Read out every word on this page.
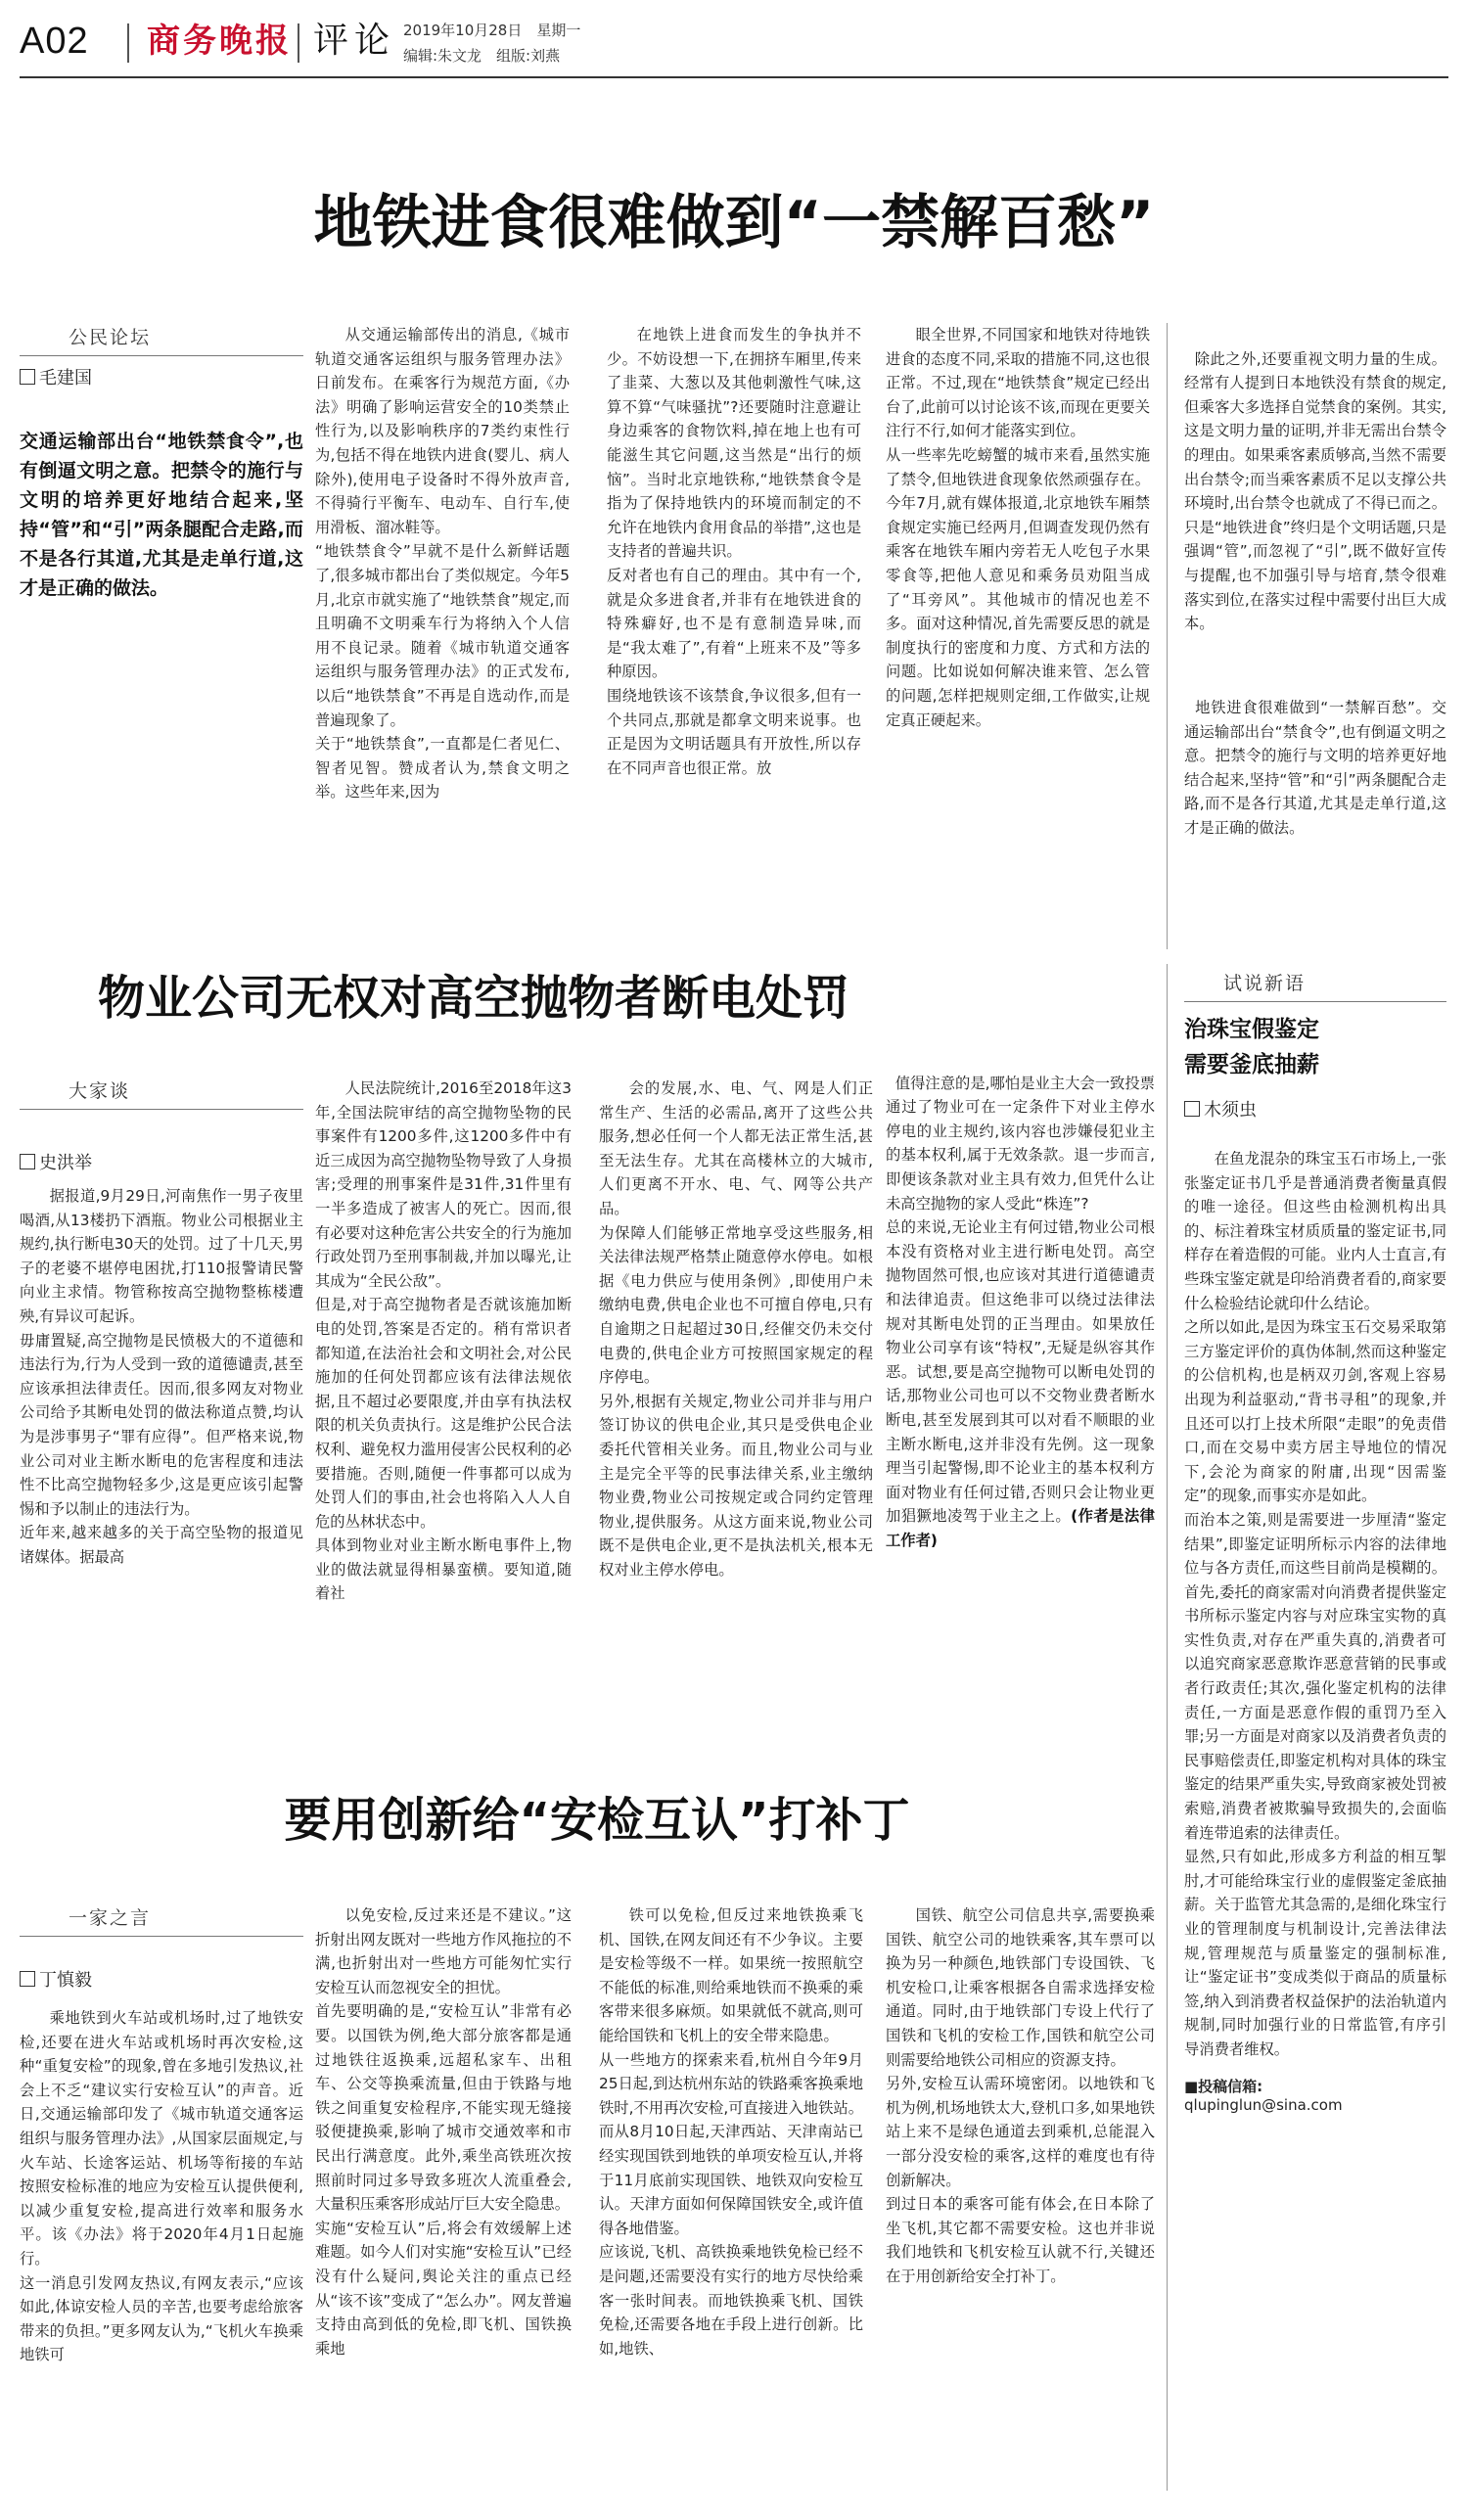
A02 商务晚报 评论 2019年10月28日　星期一
编辑:朱文龙　组版:刘燕
地铁进食很难做到“一禁解百愁”
公民论坛
毛建国
交通运输部出台“地铁禁食令”,也有倒逼文明之意。把禁令的施行与文明的培养更好地结合起来,坚持“管”和“引”两条腿配合走路,而不是各行其道,尤其是走单行道,这才是正确的做法。
从交通运输部传出的消息,《城市轨道交通客运组织与服务管理办法》日前发布。在乘客行为规范方面,《办法》明确了影响运营安全的10类禁止性行为,以及影响秩序的7类约束性行为,包括不得在地铁内进食(婴儿、病人除外),使用电子设备时不得外放声音,不得骑行平衡车、电动车、自行车,使用滑板、溜冰鞋等。
“地铁禁食令”早就不是什么新鲜话题了,很多城市都出台了类似规定。今年5月,北京市就实施了“地铁禁食”规定,而且明确不文明乘车行为将纳入个人信用不良记录。随着《城市轨道交通客运组织与服务管理办法》的正式发布,以后“地铁禁食”不再是自选动作,而是普遍现象了。
关于“地铁禁食”,一直都是仁者见仁、智者见智。赞成者认为,禁食文明之举。这些年来,因为
在地铁上进食而发生的争执并不少。不妨设想一下,在拥挤车厢里,传来了韭菜、大葱以及其他刺激性气味,这算不算“气味骚扰”?还要随时注意避让身边乘客的食物饮料,掉在地上也有可能滋生其它问题,这当然是“出行的烦恼”。当时北京地铁称,“地铁禁食令是指为了保持地铁内的环境而制定的不允许在地铁内食用食品的举措”,这也是支持者的普遍共识。
反对者也有自己的理由。其中有一个,就是众多进食者,并非有在地铁进食的特殊癖好,也不是有意制造异味,而是“我太难了”,有着“上班来不及”等多种原因。
围绕地铁该不该禁食,争议很多,但有一个共同点,那就是都拿文明来说事。也正是因为文明话题具有开放性,所以存在不同声音也很正常。放
眼全世界,不同国家和地铁对待地铁进食的态度不同,采取的措施不同,这也很正常。不过,现在“地铁禁食”规定已经出台了,此前可以讨论该不该,而现在更要关注行不行,如何才能落实到位。
从一些率先吃螃蟹的城市来看,虽然实施了禁令,但地铁进食现象依然顽强存在。今年7月,就有媒体报道,北京地铁车厢禁食规定实施已经两月,但调查发现仍然有乘客在地铁车厢内旁若无人吃包子水果零食等,把他人意见和乘务员劝阻当成了“耳旁风”。其他城市的情况也差不多。面对这种情况,首先需要反思的就是制度执行的密度和力度、方式和方法的问题。比如说如何解决谁来管、怎么管的问题,怎样把规则定细,工作做实,让规定真正硬起来。

除此之外,还要重视文明力量的生成。经常有人提到日本地铁没有禁食的规定,但乘客大多选择自觉禁食的案例。其实,这是文明力量的证明,并非无需出台禁令的理由。如果乘客素质够高,当然不需要出台禁令;而当乘客素质不足以支撑公共环境时,出台禁令也就成了不得已而之。只是“地铁进食”终归是个文明话题,只是强调“管”,而忽视了“引”,既不做好宣传与提醒,也不加强引导与培育,禁令很难落实到位,在落实过程中需要付出巨大成本。

地铁进食很难做到“一禁解百愁”。交通运输部出台“禁食令”,也有倒逼文明之意。把禁令的施行与文明的培养更好地结合起来,坚持“管”和“引”两条腿配合走路,而不是各行其道,尤其是走单行道,这才是正确的做法。

物业公司无权对高空抛物者断电处罚
大家谈
史洪举
据报道,9月29日,河南焦作一男子夜里喝酒,从13楼扔下酒瓶。物业公司根据业主规约,执行断电30天的处罚。过了十几天,男子的老婆不堪停电困扰,打110报警请民警向业主求情。物管称按高空抛物整栋楼遭殃,有异议可起诉。
毋庸置疑,高空抛物是民愤极大的不道德和违法行为,行为人受到一致的道德谴责,甚至应该承担法律责任。因而,很多网友对物业公司给予其断电处罚的做法称道点赞,均认为是涉事男子“罪有应得”。但严格来说,物业公司对业主断水断电的危害程度和违法性不比高空抛物轻多少,这是更应该引起警惕和予以制止的违法行为。
近年来,越来越多的关于高空坠物的报道见诸媒体。据最高
人民法院统计,2016至2018年这3年,全国法院审结的高空抛物坠物的民事案件有1200多件,这1200多件中有近三成因为高空抛物坠物导致了人身损害;受理的刑事案件是31件,31件里有一半多造成了被害人的死亡。因而,很有必要对这种危害公共安全的行为施加行政处罚乃至刑事制裁,并加以曝光,让其成为“全民公敌”。
但是,对于高空抛物者是否就该施加断电的处罚,答案是否定的。稍有常识者都知道,在法治社会和文明社会,对公民施加的任何处罚都应该有法律法规依据,且不超过必要限度,并由享有执法权限的机关负责执行。这是维护公民合法权利、避免权力滥用侵害公民权利的必要措施。否则,随便一件事都可以成为处罚人们的事由,社会也将陷入人人自危的丛林状态中。
具体到物业对业主断水断电事件上,物业的做法就显得相暴蛮横。要知道,随着社
会的发展,水、电、气、网是人们正常生产、生活的必需品,离开了这些公共服务,想必任何一个人都无法正常生活,甚至无法生存。尤其在高楼林立的大城市,人们更离不开水、电、气、网等公共产品。
为保障人们能够正常地享受这些服务,相关法律法规严格禁止随意停水停电。如根据《电力供应与使用条例》,即使用户未缴纳电费,供电企业也不可擅自停电,只有自逾期之日起超过30日,经催交仍未交付电费的,供电企业方可按照国家规定的程序停电。
另外,根据有关规定,物业公司并非与用户签订协议的供电企业,其只是受供电企业委托代管相关业务。而且,物业公司与业主是完全平等的民事法律关系,业主缴纳物业费,物业公司按规定或合同约定管理物业,提供服务。从这方面来说,物业公司既不是供电企业,更不是执法机关,根本无权对业主停水停电。

值得注意的是,哪怕是业主大会一致投票通过了物业可在一定条件下对业主停水停电的业主规约,该内容也涉嫌侵犯业主的基本权利,属于无效条款。退一步而言,即便该条款对业主具有效力,但凭什么让未高空抛物的家人受此“株连”?
总的来说,无论业主有何过错,物业公司根本没有资格对业主进行断电处罚。高空抛物固然可恨,也应该对其进行道德谴责和法律追责。但这绝非可以绕过法律法规对其断电处罚的正当理由。如果放任物业公司享有该“特权”,无疑是纵容其作恶。试想,要是高空抛物可以断电处罚的话,那物业公司也可以不交物业费者断水断电,甚至发展到其可以对看不顺眼的业主断水断电,这并非没有先例。这一现象理当引起警惕,即不论业主的基本权利方面对物业有任何过错,否则只会让物业更加猖獗地凌驾于业主之上。(作者是法律工作者)

要用创新给“安检互认”打补丁
一家之言
丁慎毅
乘地铁到火车站或机场时,过了地铁安检,还要在进火车站或机场时再次安检,这种“重复安检”的现象,曾在多地引发热议,社会上不乏“建议实行安检互认”的声音。近日,交通运输部印发了《城市轨道交通客运组织与服务管理办法》,从国家层面规定,与火车站、长途客运站、机场等衔接的车站按照安检标准的地应为安检互认提供便利,以减少重复安检,提高进行效率和服务水平。该《办法》将于2020年4月1日起施行。
这一消息引发网友热议,有网友表示,“应该如此,体谅安检人员的辛苦,也要考虑给旅客带来的负担。”更多网友认为,“飞机火车换乘地铁可
以免安检,反过来还是不建议。”这折射出网友既对一些地方作风拖拉的不满,也折射出对一些地方可能匆忙实行安检互认而忽视安全的担忧。
首先要明确的是,“安检互认”非常有必要。以国铁为例,绝大部分旅客都是通过地铁往返换乘,远超私家车、出租车、公交等换乘流量,但由于铁路与地铁之间重复安检程序,不能实现无缝接驳便捷换乘,影响了城市交通效率和市民出行满意度。此外,乘坐高铁班次按照前时同过多导致多班次人流重叠会,大量积压乘客形成站厅巨大安全隐患。
实施“安检互认”后,将会有效缓解上述难题。如今人们对实施“安检互认”已经没有什么疑问,舆论关注的重点已经从“该不该”变成了“怎么办”。网友普遍支持由高到低的免检,即飞机、国铁换乘地
铁可以免检,但反过来地铁换乘飞机、国铁,在网友间还有不少争议。主要是安检等级不一样。如果统一按照航空不能低的标准,则给乘地铁而不换乘的乘客带来很多麻烦。如果就低不就高,则可能给国铁和飞机上的安全带来隐患。
从一些地方的探索来看,杭州自今年9月25日起,到达杭州东站的铁路乘客换乘地铁时,不用再次安检,可直接进入地铁站。而从8月10日起,天津西站、天津南站已经实现国铁到地铁的单项安检互认,并将于11月底前实现国铁、地铁双向安检互认。天津方面如何保障国铁安全,或许值得各地借鉴。
应该说,飞机、高铁换乘地铁免检已经不是问题,还需要没有实行的地方尽快给乘客一张时间表。而地铁换乘飞机、国铁免检,还需要各地在手段上进行创新。比如,地铁、
国铁、航空公司信息共享,需要换乘国铁、航空公司的地铁乘客,其车票可以换为另一种颜色,地铁部门专设国铁、飞机安检口,让乘客根据各自需求选择安检通道。同时,由于地铁部门专设上代行了国铁和飞机的安检工作,国铁和航空公司则需要给地铁公司相应的资源支持。
另外,安检互认需环境密闭。以地铁和飞机为例,机场地铁太大,登机口多,如果地铁站上来不是绿色通道去到乘机,总能混入一部分没安检的乘客,这样的难度也有待创新解决。
到过日本的乘客可能有体会,在日本除了坐飞机,其它都不需要安检。这也并非说我们地铁和飞机安检互认就不行,关键还在于用创新给安全打补丁。
试说新语
治珠宝假鉴定
需要釜底抽薪
木须虫
在鱼龙混杂的珠宝玉石市场上,一张张鉴定证书几乎是普通消费者衡量真假的唯一途径。但这些由检测机构出具的、标注着珠宝材质质量的鉴定证书,同样存在着造假的可能。业内人士直言,有些珠宝鉴定就是印给消费者看的,商家要什么检验结论就印什么结论。
之所以如此,是因为珠宝玉石交易采取第三方鉴定评价的真伪体制,然而这种鉴定的公信机构,也是柄双刃剑,客观上容易出现为利益驱动,“背书寻租”的现象,并且还可以打上技术所限“走眼”的免责借口,而在交易中卖方居主导地位的情况下,会沦为商家的附庸,出现“因需鉴定”的现象,而事实亦是如此。
而治本之策,则是需要进一步厘清“鉴定结果”,即鉴定证明所标示内容的法律地位与各方责任,而这些目前尚是模糊的。首先,委托的商家需对向消费者提供鉴定书所标示鉴定内容与对应珠宝实物的真实性负责,对存在严重失真的,消费者可以追究商家恶意欺诈恶意营销的民事或者行政责任;其次,强化鉴定机构的法律责任,一方面是恶意作假的重罚乃至入罪;另一方面是对商家以及消费者负责的民事赔偿责任,即鉴定机构对具体的珠宝鉴定的结果严重失实,导致商家被处罚被索赔,消费者被欺骗导致损失的,会面临着连带追索的法律责任。
显然,只有如此,形成多方利益的相互掣肘,才可能给珠宝行业的虚假鉴定釜底抽薪。关于监管尤其急需的,是细化珠宝行业的管理制度与机制设计,完善法律法规,管理规范与质量鉴定的强制标准,让“鉴定证书”变成类似于商品的质量标签,纳入到消费者权益保护的法治轨道内规制,同时加强行业的日常监管,有序引导消费者维权。
■投稿信箱:
qlupinglun@sina.com
